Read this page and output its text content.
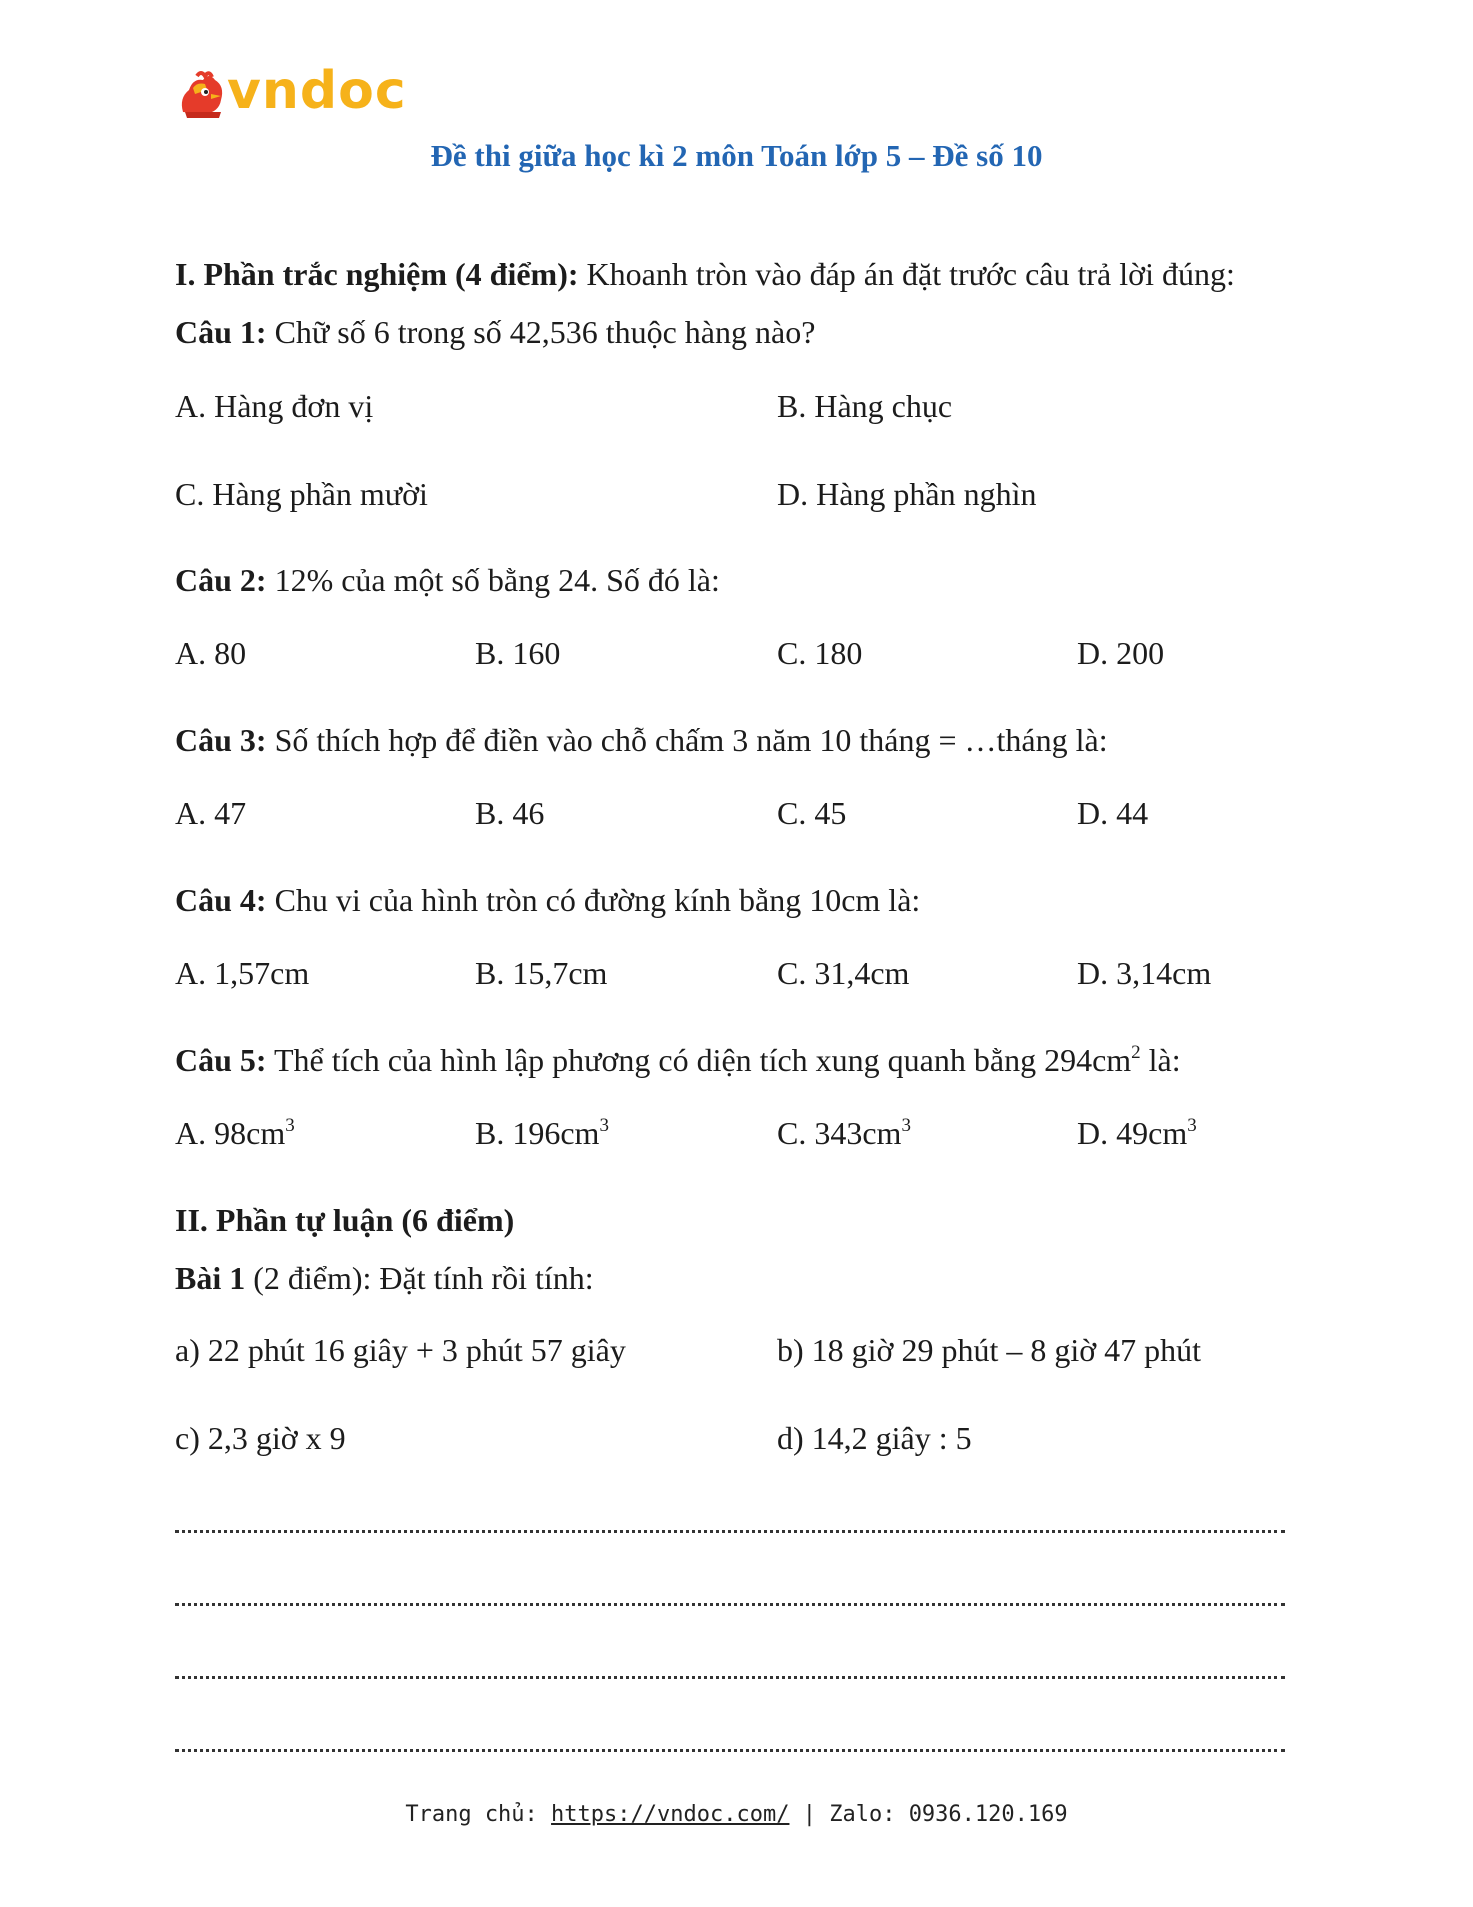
vndoc
Đề thi giữa học kì 2 môn Toán lớp 5 – Đề số 10
I. Phần trắc nghiệm (4 điểm): Khoanh tròn vào đáp án đặt trước câu trả lời đúng:
Câu 1: Chữ số 6 trong số 42,536 thuộc hàng nào?
A. Hàng đơn vị	B. Hàng chục
C. Hàng phần mười	D. Hàng phần nghìn
Câu 2: 12% của một số bằng 24. Số đó là:
A. 80	B. 160	C. 180	D. 200
Câu 3: Số thích hợp để điền vào chỗ chấm 3 năm 10 tháng = …tháng là:
A. 47	B. 46	C. 45	D. 44
Câu 4: Chu vi của hình tròn có đường kính bằng 10cm là:
A. 1,57cm	B. 15,7cm	C. 31,4cm	D. 3,14cm
Câu 5: Thể tích của hình lập phương có diện tích xung quanh bằng $294cm^2$ là:
A. $98cm^3$	B. $196cm^3$	C. $343cm^3$	D. $49cm^3$
II. Phần tự luận (6 điểm)
Bài 1 (2 điểm): Đặt tính rồi tính:
a) 22 phút 16 giây + 3 phút 57 giây	b) 18 giờ 29 phút – 8 giờ 47 phút
c) 2,3 giờ x 9	d) 14,2 giây : 5
Trang chủ: https://vndoc.com/ | Zalo: 0936.120.169
